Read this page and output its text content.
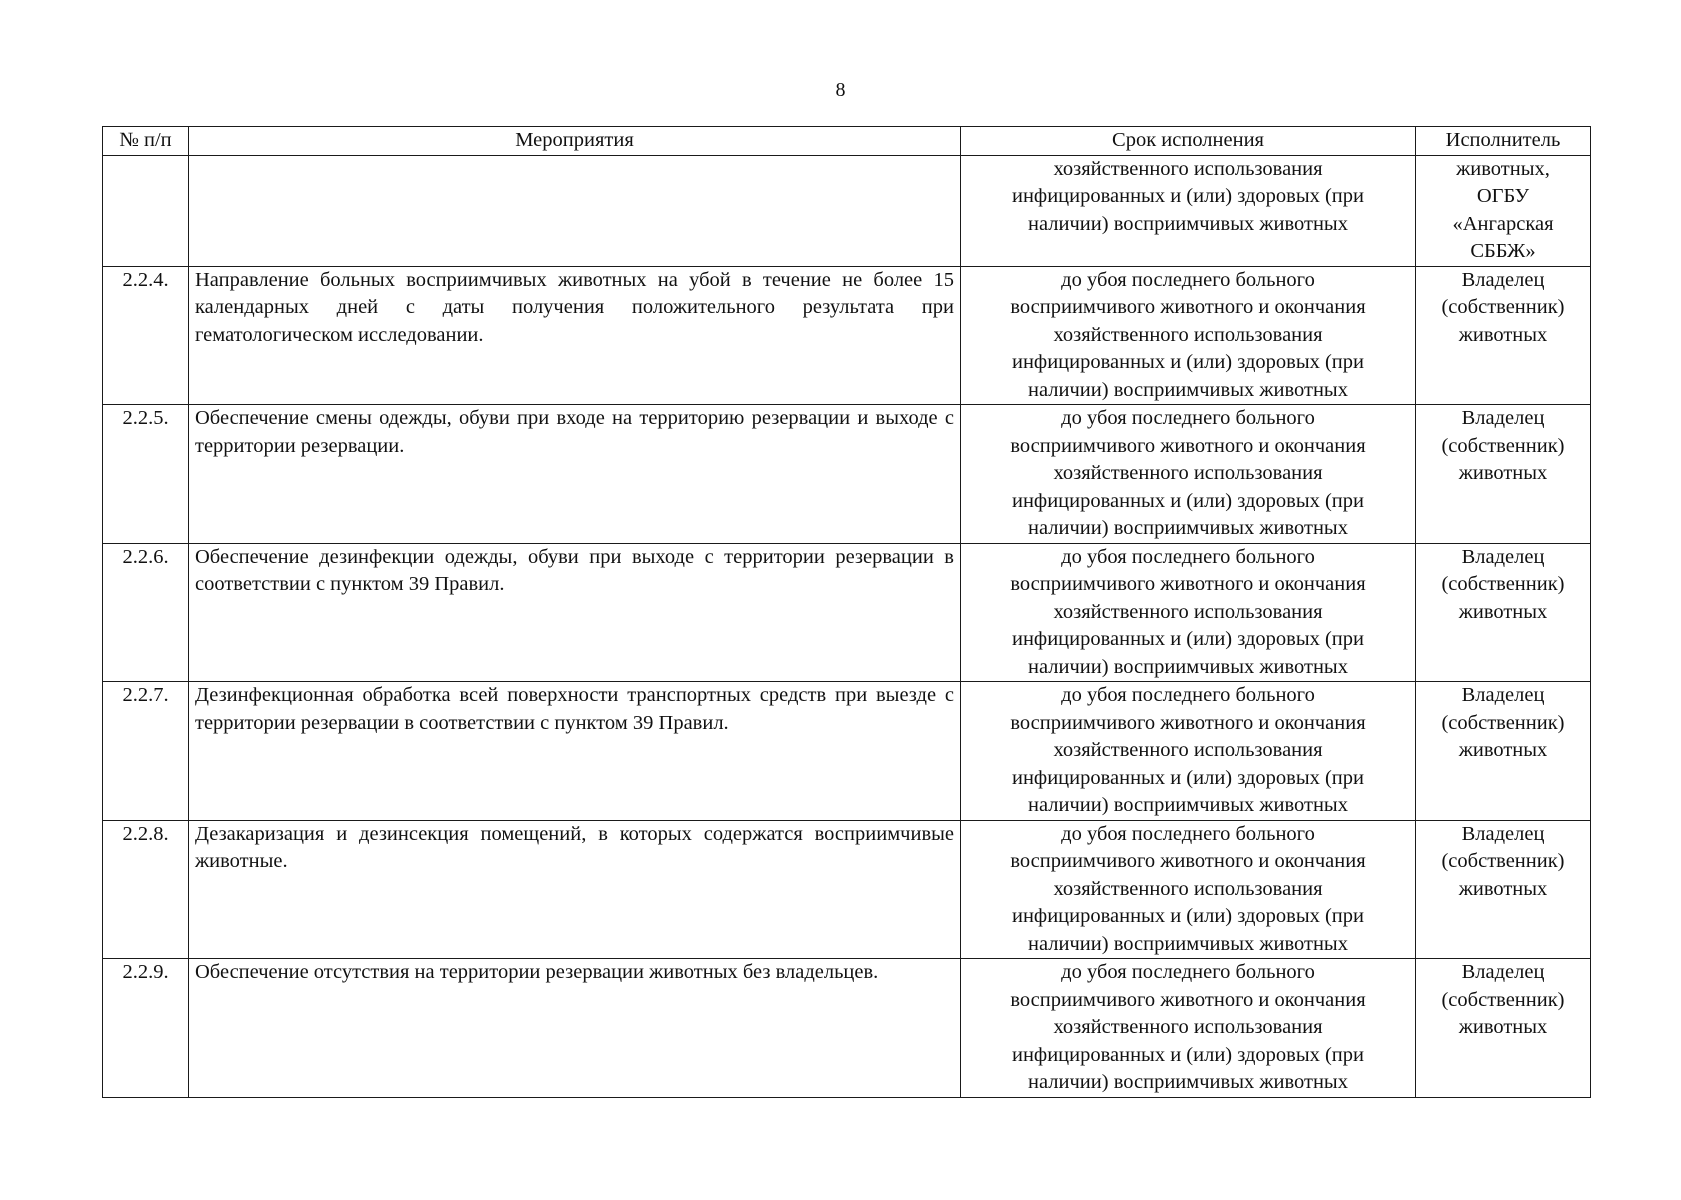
8
№ п/п	Мероприятия	Срок исполнения	Исполнитель

		хозяйственного использования
инфицированных и (или) здоровых (при
наличии) восприимчивых животных	животных,
ОГБУ
«Ангарская
СББЖ»

2.2.4.	Направление больных восприимчивых животных на убой в течение не более 15 календарных дней с даты получения положительного результата при гематологическом исследовании.	до убоя последнего больного
восприимчивого животного и окончания
хозяйственного использования
инфицированных и (или) здоровых (при
наличии) восприимчивых животных	Владелец
(собственник)
животных

2.2.5.	Обеспечение смены одежды, обуви при входе на территорию резервации и выходе с территории резервации.	до убоя последнего больного
восприимчивого животного и окончания
хозяйственного использования
инфицированных и (или) здоровых (при
наличии) восприимчивых животных	Владелец
(собственник)
животных

2.2.6.	Обеспечение дезинфекции одежды, обуви при выходе с территории резервации в соответствии с пунктом 39 Правил.	до убоя последнего больного
восприимчивого животного и окончания
хозяйственного использования
инфицированных и (или) здоровых (при
наличии) восприимчивых животных	Владелец
(собственник)
животных

2.2.7.	Дезинфекционная обработка всей поверхности транспортных средств при выезде с территории резервации в соответствии с пунктом 39 Правил.	до убоя последнего больного
восприимчивого животного и окончания
хозяйственного использования
инфицированных и (или) здоровых (при
наличии) восприимчивых животных	Владелец
(собственник)
животных

2.2.8.	Дезакаризация и дезинсекция помещений, в которых содержатся восприимчивые животные.	до убоя последнего больного
восприимчивого животного и окончания
хозяйственного использования
инфицированных и (или) здоровых (при
наличии) восприимчивых животных	Владелец
(собственник)
животных

2.2.9.	Обеспечение отсутствия на территории резервации животных без владельцев.	до убоя последнего больного
восприимчивого животного и окончания
хозяйственного использования
инфицированных и (или) здоровых (при
наличии) восприимчивых животных	Владелец
(собственник)
животных
